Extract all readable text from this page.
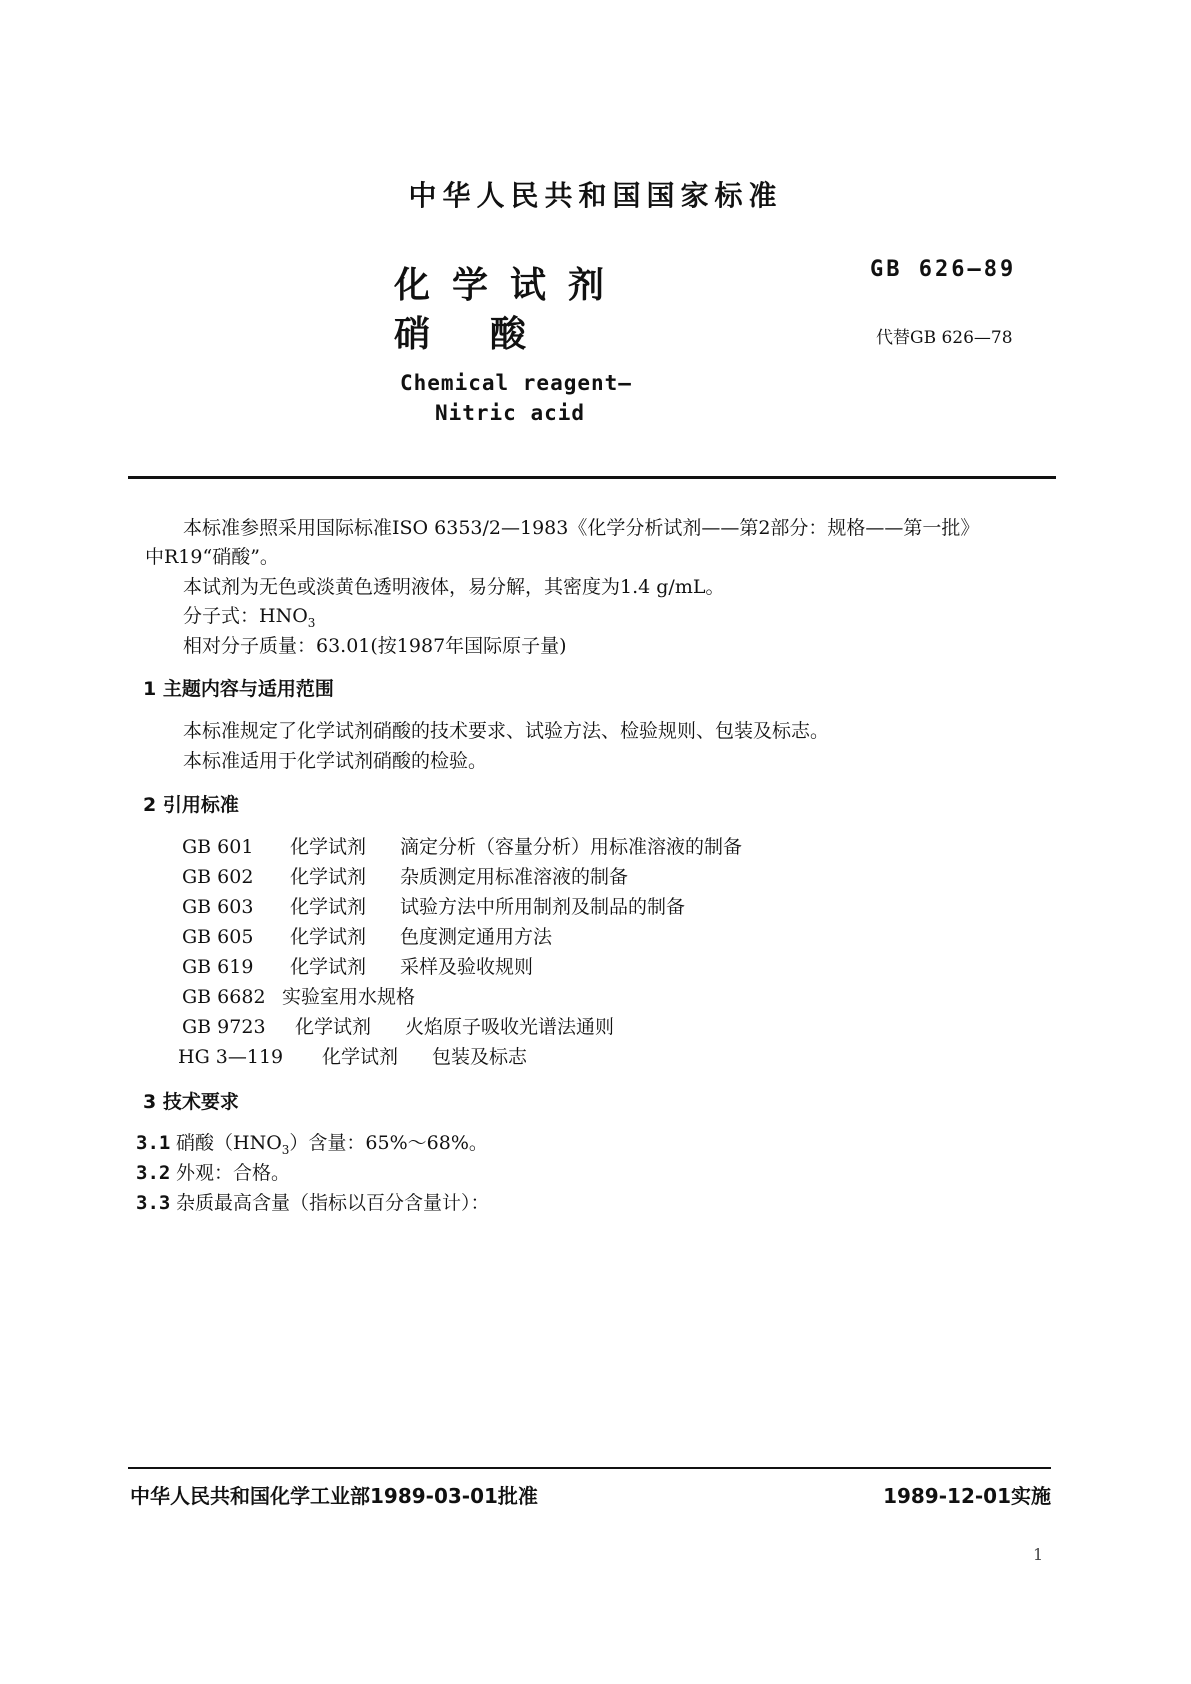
中华人民共和国国家标准
化学试剂
硝酸
GB 626—89
代替GB 626—78
Chemical reagent—
Nitric acid
本标准参照采用国际标准ISO 6353/2—1983《化学分析试剂——第2部分：规格——第一批》
中R19“硝酸”。
本试剂为无色或淡黄色透明液体，易分解，其密度为1.4 g/mL。
分子式：$HNO_3$
相对分子质量：63.01(按1987年国际原子量)
1 主题内容与适用范围
本标准规定了化学试剂硝酸的技术要求、试验方法、检验规则、包装及标志。
本标准适用于化学试剂硝酸的检验。
2 引用标准
GB 601 化学试剂 滴定分析（容量分析）用标准溶液的制备
GB 602 化学试剂 杂质测定用标准溶液的制备
GB 603 化学试剂 试验方法中所用制剂及制品的制备
GB 605 化学试剂 色度测定通用方法
GB 619 化学试剂 采样及验收规则
GB 6682 实验室用水规格
GB 9723 化学试剂 火焰原子吸收光谱法通则
HG 3—119 化学试剂 包装及标志
3 技术要求
3.1 硝酸$(HNO_3)$含量：65%～68%。
3.2 外观：合格。
3.3 杂质最高含量（指标以百分含量计）：
中华人民共和国化学工业部1989-03-01批准	1989-12-01实施
1
